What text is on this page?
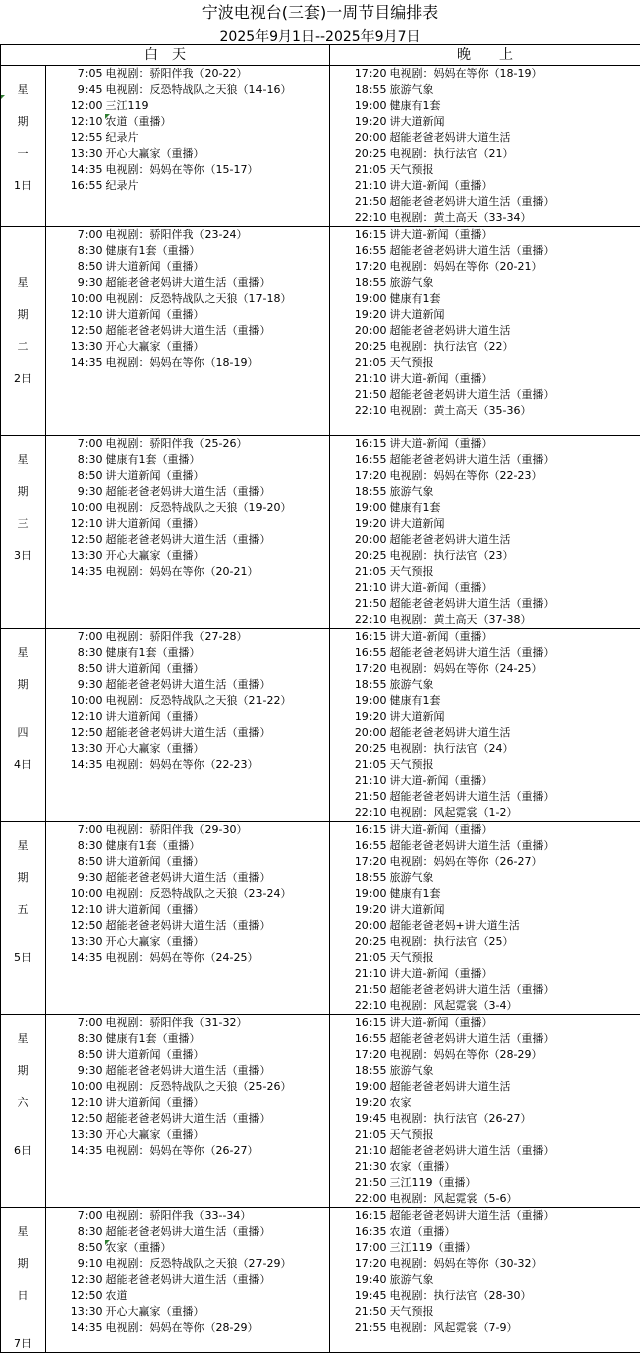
宁波电视台(三套)一周节目编排表
2025年9月1日--2025年9月7日
白　天			晚　　上	
	7:05	电视剧：骄阳伴我（20-22）	17:20	电视剧：妈妈在等你（18-19）
星	9:45	电视剧：反恐特战队之天狼（14-16）	18:55	旅游气象
	12:00	三江119	19:00	健康有1套
期	12:10	农道（重播）	19:20	讲大道新闻
	12:55	纪录片	20:00	超能老爸老妈讲大道生活
一	13:30	开心大赢家（重播）	20:25	电视剧：执行法官（21）
	14:35	电视剧：妈妈在等你（15-17）	21:05	天气预报
1日	16:55	纪录片	21:10	讲大道-新闻（重播）
			21:50	超能老爸老妈讲大道生活（重播）
			22:10	电视剧：黄土高天（33-34）
	7:00	电视剧：骄阳伴我（23-24）	16:15	讲大道-新闻（重播）
	8:30	健康有1套（重播）	16:55	超能老爸老妈讲大道生活（重播）
	8:50	讲大道新闻（重播）	17:20	电视剧：妈妈在等你（20-21）
星	9:30	超能老爸老妈讲大道生活（重播）	18:55	旅游气象
	10:00	电视剧：反恐特战队之天狼（17-18）	19:00	健康有1套
期	12:10	讲大道新闻（重播）	19:20	讲大道新闻
	12:50	超能老爸老妈讲大道生活（重播）	20:00	超能老爸老妈讲大道生活
二	13:30	开心大赢家（重播）	20:25	电视剧：执行法官（22）
	14:35	电视剧：妈妈在等你（18-19）	21:05	天气预报
2日			21:10	讲大道-新闻（重播）
			21:50	超能老爸老妈讲大道生活（重播）
			22:10	电视剧：黄土高天（35-36）

	7:00	电视剧：骄阳伴我（25-26）	16:15	讲大道-新闻（重播）
星	8:30	健康有1套（重播）	16:55	超能老爸老妈讲大道生活（重播）
	8:50	讲大道新闻（重播）	17:20	电视剧：妈妈在等你（22-23）
期	9:30	超能老爸老妈讲大道生活（重播）	18:55	旅游气象
	10:00	电视剧：反恐特战队之天狼（19-20）	19:00	健康有1套
三	12:10	讲大道新闻（重播）	19:20	讲大道新闻
	12:50	超能老爸老妈讲大道生活（重播）	20:00	超能老爸老妈讲大道生活
3日	13:30	开心大赢家（重播）	20:25	电视剧：执行法官（23）
	14:35	电视剧：妈妈在等你（20-21）	21:05	天气预报
			21:10	讲大道-新闻（重播）
			21:50	超能老爸老妈讲大道生活（重播）
			22:10	电视剧：黄土高天（37-38）
	7:00	电视剧：骄阳伴我（27-28）	16:15	讲大道-新闻（重播）
星	8:30	健康有1套（重播）	16:55	超能老爸老妈讲大道生活（重播）
	8:50	讲大道新闻（重播）	17:20	电视剧：妈妈在等你（24-25）
期	9:30	超能老爸老妈讲大道生活（重播）	18:55	旅游气象
	10:00	电视剧：反恐特战队之天狼（21-22）	19:00	健康有1套
	12:10	讲大道新闻（重播）	19:20	讲大道新闻
四	12:50	超能老爸老妈讲大道生活（重播）	20:00	超能老爸老妈讲大道生活
	13:30	开心大赢家（重播）	20:25	电视剧：执行法官（24）
4日	14:35	电视剧：妈妈在等你（22-23）	21:05	天气预报
			21:10	讲大道-新闻（重播）
			21:50	超能老爸老妈讲大道生活（重播）
			22:10	电视剧：风起霓裳（1-2）
	7:00	电视剧：骄阳伴我（29-30）	16:15	讲大道-新闻（重播）
星	8:30	健康有1套（重播）	16:55	超能老爸老妈讲大道生活（重播）
	8:50	讲大道新闻（重播）	17:20	电视剧：妈妈在等你（26-27）
期	9:30	超能老爸老妈讲大道生活（重播）	18:55	旅游气象
	10:00	电视剧：反恐特战队之天狼（23-24）	19:00	健康有1套
五	12:10	讲大道新闻（重播）	19:20	讲大道新闻
	12:50	超能老爸老妈讲大道生活（重播）	20:00	超能老爸老妈+讲大道生活
	13:30	开心大赢家（重播）	20:25	电视剧：执行法官（25）
5日	14:35	电视剧：妈妈在等你（24-25）	21:05	天气预报
			21:10	讲大道-新闻（重播）
			21:50	超能老爸老妈讲大道生活（重播）
			22:10	电视剧：风起霓裳（3-4）
	7:00	电视剧：骄阳伴我（31-32）	16:15	讲大道-新闻（重播）
星	8:30	健康有1套（重播）	16:55	超能老爸老妈讲大道生活（重播）
	8:50	讲大道新闻（重播）	17:20	电视剧：妈妈在等你（28-29）
期	9:30	超能老爸老妈讲大道生活（重播）	18:55	旅游气象
	10:00	电视剧：反恐特战队之天狼（25-26）	19:00	超能老爸老妈讲大道生活
六	12:10	讲大道新闻（重播）	19:20	农家
	12:50	超能老爸老妈讲大道生活（重播）	19:45	电视剧：执行法官（26-27）
	13:30	开心大赢家（重播）	21:05	天气预报
6日	14:35	电视剧：妈妈在等你（26-27）	21:10	超能老爸老妈讲大道生活（重播）
			21:30	农家（重播）
			21:50	三江119（重播）
			22:00	电视剧：风起霓裳（5-6）
	7:00	电视剧：骄阳伴我（33--34）	16:15	超能老爸老妈讲大道生活（重播）
星	8:30	超能老爸老妈讲大道生活（重播）	16:35	农道（重播）
	8:50	农家（重播）	17:00	三江119（重播）
期	9:10	电视剧：反恐特战队之天狼（27-29）	17:20	电视剧：妈妈在等你（30-32）
	12:30	超能老爸老妈讲大道生活（重播）	19:40	旅游气象
日	12:50	农道	19:45	电视剧：执行法官（28-30）
	13:30	开心大赢家（重播）	21:50	天气预报
	14:35	电视剧：妈妈在等你（28-29）	21:55	电视剧：风起霓裳（7-9）
7日				
